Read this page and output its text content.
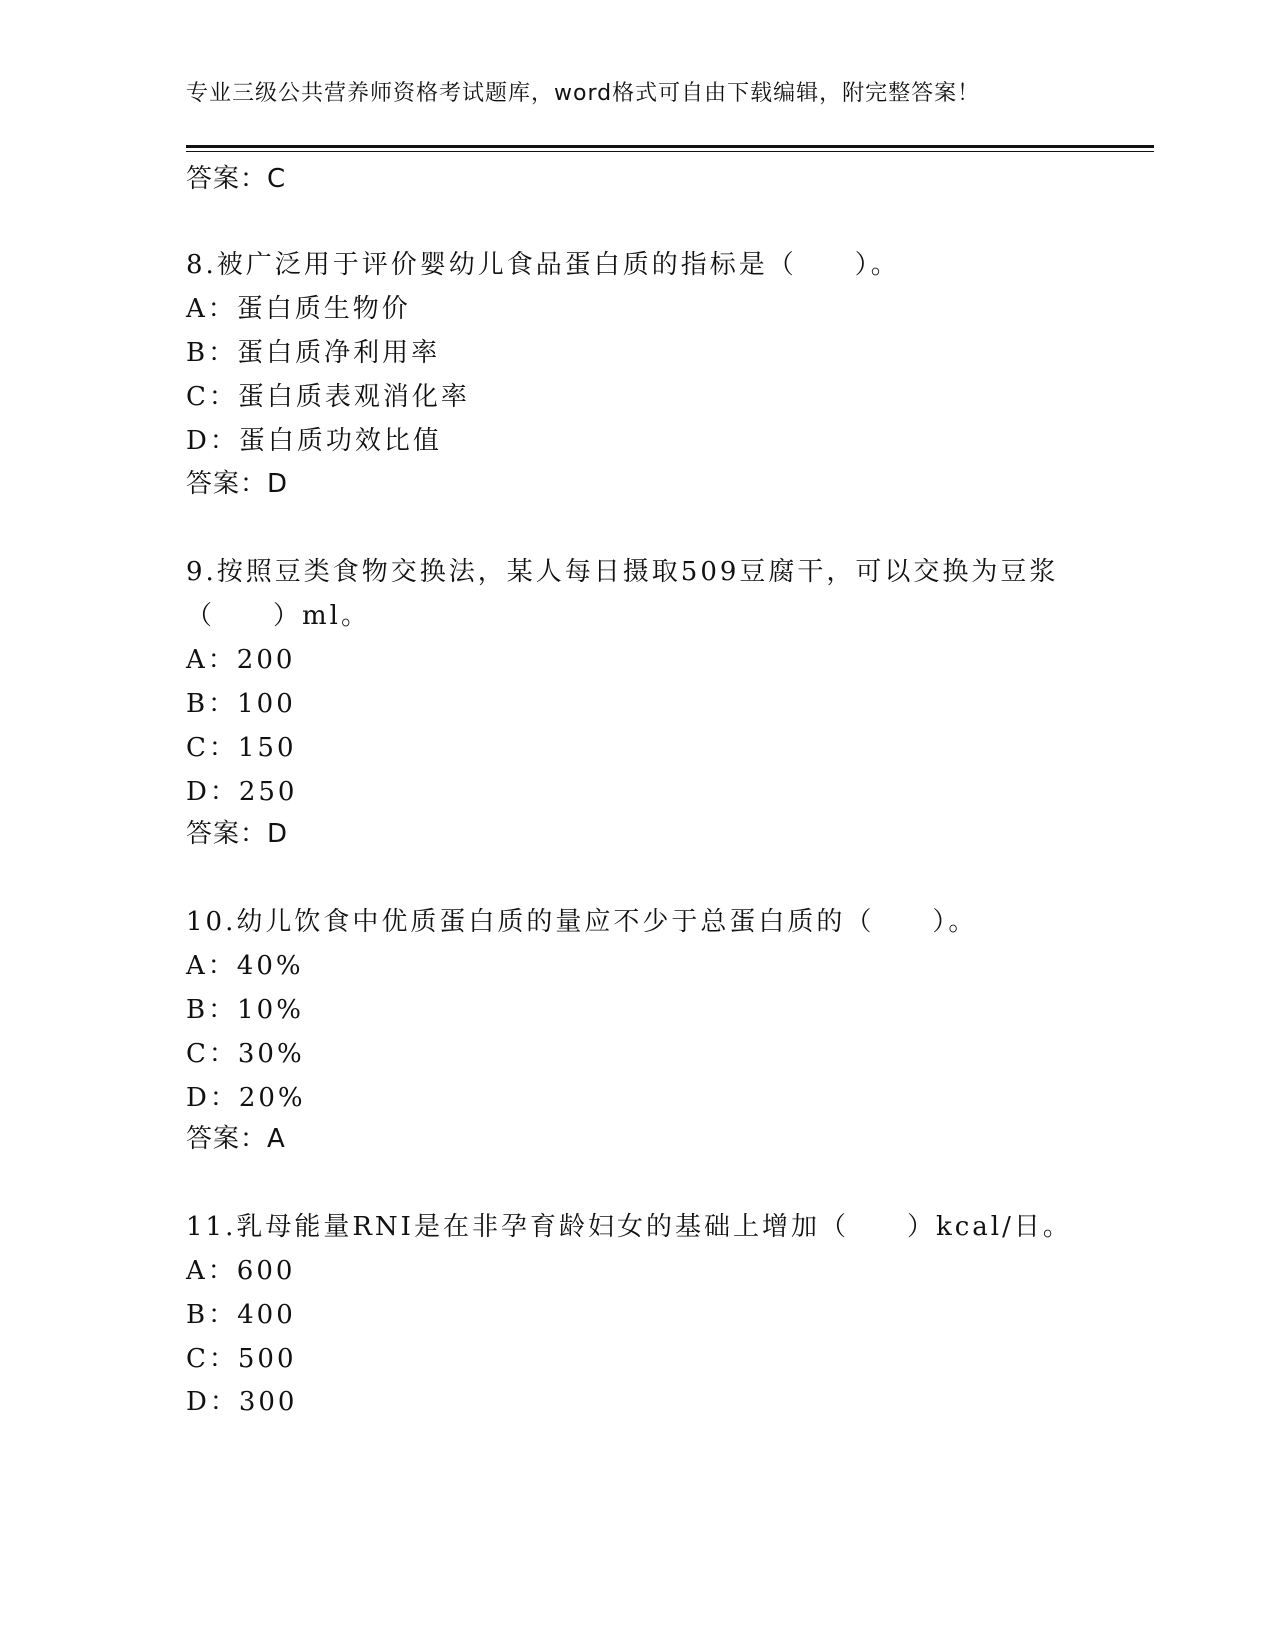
专业三级公共营养师资格考试题库，word格式可自由下载编辑，附完整答案！
答案：C
8.被广泛用于评价婴幼儿食品蛋白质的指标是（　　）。
A：蛋白质生物价
B：蛋白质净利用率
C：蛋白质表观消化率
D：蛋白质功效比值
答案：D
9.按照豆类食物交换法，某人每日摄取509豆腐干，可以交换为豆浆
（　　）ml。
A：200
B：100
C：150
D：250
答案：D
10.幼儿饮食中优质蛋白质的量应不少于总蛋白质的（　　）。
A：40%
B：10%
C：30%
D：20%
答案：A
11.乳母能量RNI是在非孕育龄妇女的基础上增加（　　）kcal/日。
A：600
B：400
C：500
D：300
